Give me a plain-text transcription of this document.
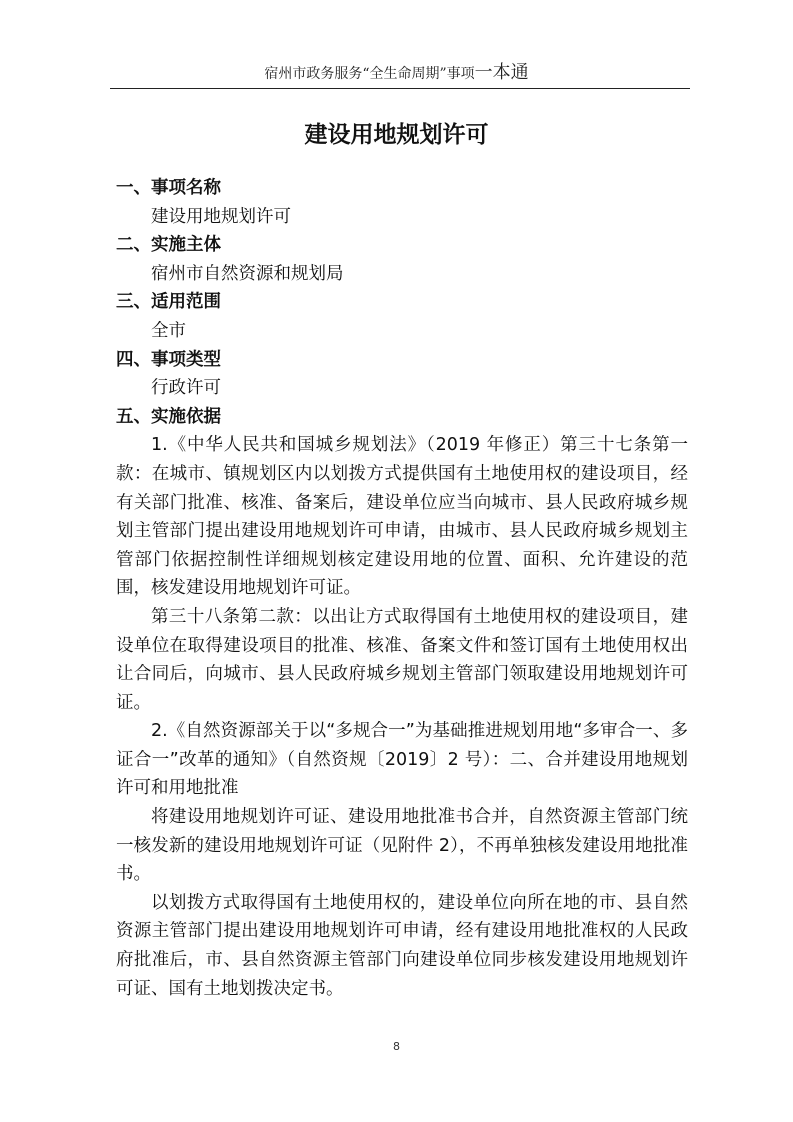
宿州市政务服务“全生命周期”事项一本通
建设用地规划许可
一、事项名称
建设用地规划许可
二、实施主体
宿州市自然资源和规划局
三、适用范围
全市
四、事项类型
行政许可
五、实施依据
1.《中华人民共和国城乡规划法》（2019 年修正）第三十七条第一款：在城市、镇规划区内以划拨方式提供国有土地使用权的建设项目，经有关部门批准、核准、备案后，建设单位应当向城市、县人民政府城乡规划主管部门提出建设用地规划许可申请，由城市、县人民政府城乡规划主管部门依据控制性详细规划核定建设用地的位置、面积、允许建设的范围，核发建设用地规划许可证。
第三十八条第二款：以出让方式取得国有土地使用权的建设项目，建设单位在取得建设项目的批准、核准、备案文件和签订国有土地使用权出让合同后，向城市、县人民政府城乡规划主管部门领取建设用地规划许可证。
2.《自然资源部关于以“多规合一”为基础推进规划用地“多审合一、多证合一”改革的通知》（自然资规〔2019〕2 号）：二、合并建设用地规划许可和用地批准
将建设用地规划许可证、建设用地批准书合并，自然资源主管部门统一核发新的建设用地规划许可证（见附件 2），不再单独核发建设用地批准书。
以划拨方式取得国有土地使用权的，建设单位向所在地的市、县自然资源主管部门提出建设用地规划许可申请，经有建设用地批准权的人民政府批准后，市、县自然资源主管部门向建设单位同步核发建设用地规划许可证、国有土地划拨决定书。
8
